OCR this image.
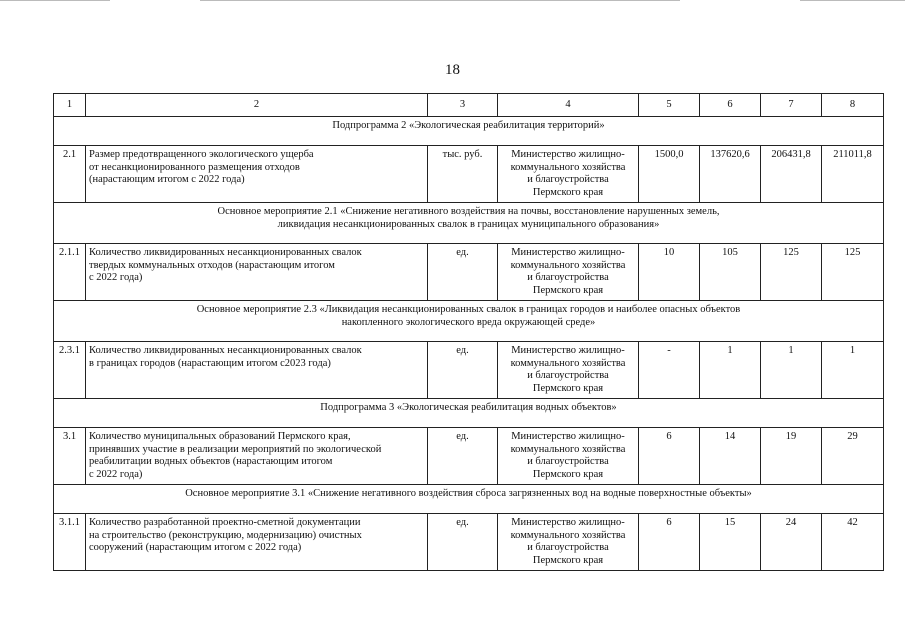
18
1	2	3	4	5	6	7	8

Подпрограмма 2 «Экологическая реабилитация территорий»							

2.1	Размер предотвращенного экологического ущерба
от несанкционированного размещения отходов
(нарастающим итогом с 2022 года)	тыс. руб.	Министерство жилищно-
коммунального хозяйства
и благоустройства
Пермского края	1500,0	137620,6	206431,8	211011,8

Основное мероприятие 2.1 «Снижение негативного воздействия на почвы, восстановление нарушенных земель,
ликвидация несанкционированных свалок в границах муниципального образования»							

2.1.1	Количество ликвидированных несанкционированных свалок
твердых коммунальных отходов (нарастающим итогом
с 2022 года)	ед.	Министерство жилищно-
коммунального хозяйства
и благоустройства
Пермского края	10	105	125	125

Основное мероприятие 2.3 «Ликвидация несанкционированных свалок в границах городов и наиболее опасных объектов
накопленного экологического вреда окружающей среде»							

2.3.1	Количество ликвидированных несанкционированных свалок
в границах городов (нарастающим итогом с2023 года)	ед.	Министерство жилищно-
коммунального хозяйства
и благоустройства
Пермского края	-	1	1	1

Подпрограмма 3 «Экологическая реабилитация водных объектов»							

3.1	Количество муниципальных образований Пермского края,
принявших участие в реализации мероприятий по экологической
реабилитации водных объектов (нарастающим итогом
с 2022 года)	ед.	Министерство жилищно-
коммунального хозяйства
и благоустройства
Пермского края	6	14	19	29

Основное мероприятие 3.1 «Снижение негативного воздействия сброса загрязненных вод на водные поверхностные объекты»							

3.1.1	Количество разработанной проектно-сметной документации
на строительство (реконструкцию, модернизацию) очистных
сооружений (нарастающим итогом с 2022 года)	ед.	Министерство жилищно-
коммунального хозяйства
и благоустройства
Пермского края	6	15	24	42
